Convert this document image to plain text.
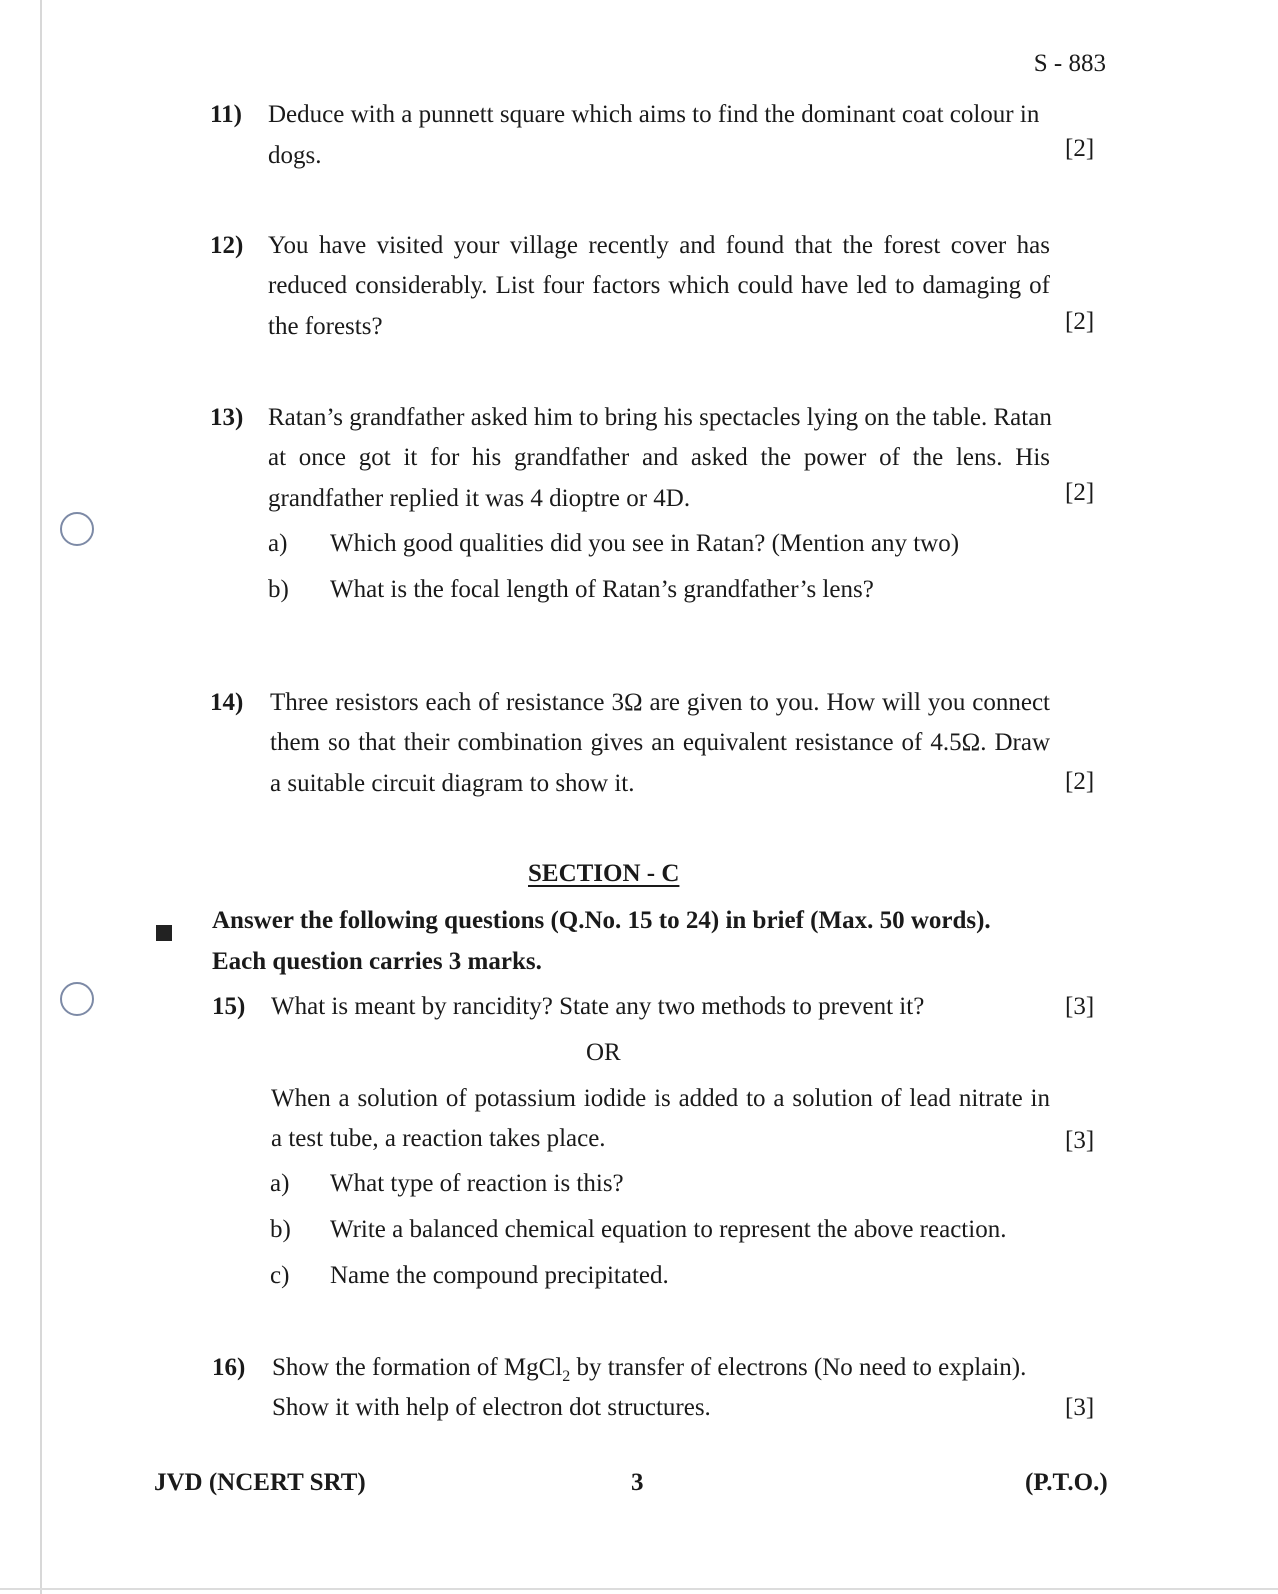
S - 883
11) Deduce with a punnett square which aims to find the dominant coat colour in
dogs.	[2]
12) You have visited your village recently and found that the forest cover has
reduced considerably. List four factors which could have led to damaging of
the forests?	[2]
13) Ratan’s grandfather asked him to bring his spectacles lying on the table. Ratan
at once got it for his grandfather and asked the power of the lens. His
grandfather replied it was 4 dioptre or 4D.	[2]
a) Which good qualities did you see in Ratan? (Mention any two)
b) What is the focal length of Ratan’s grandfather’s lens?
14) Three resistors each of resistance 3Ω are given to you. How will you connect
them so that their combination gives an equivalent resistance of 4.5Ω. Draw
a suitable circuit diagram to show it.	[2]
SECTION - C
Answer the following questions (Q.No. 15 to 24) in brief (Max. 50 words).
Each question carries 3 marks.
15) What is meant by rancidity? State any two methods to prevent it?	[3]
OR
When a solution of potassium iodide is added to a solution of lead nitrate in
a test tube, a reaction takes place.	[3]
a) What type of reaction is this?
b) Write a balanced chemical equation to represent the above reaction.
c) Name the compound precipitated.
16) Show the formation of MgCl$_2$ by transfer of electrons (No need to explain).
Show it with help of electron dot structures.	[3]
JVD (NCERT SRT)	3	(P.T.O.)
